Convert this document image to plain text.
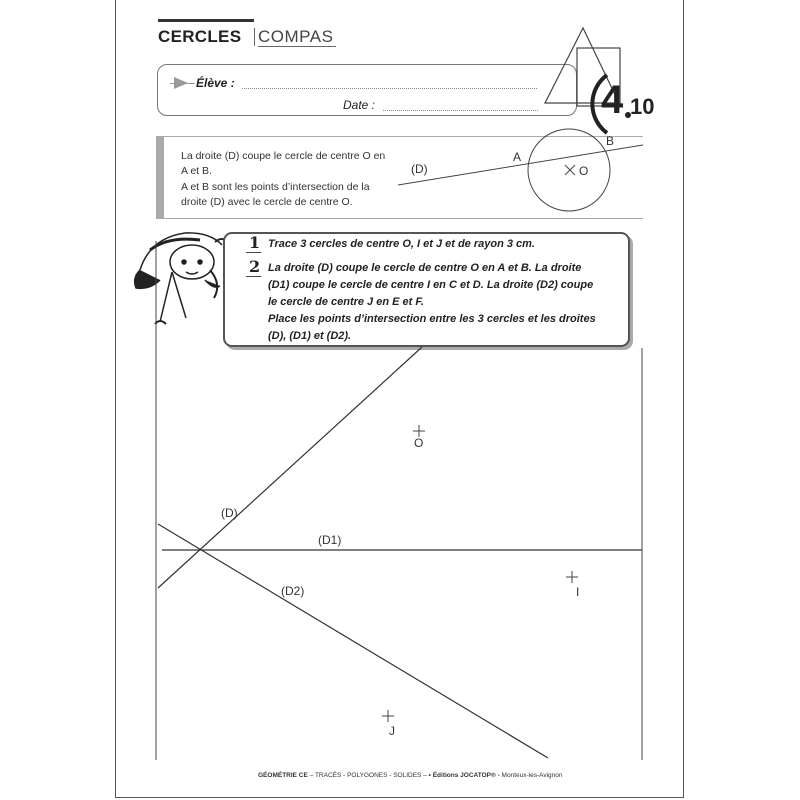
CERCLES COMPAS
Élève :
Date :	4 10

La droite (D) coupe le cercle de centre O en A et B.

A et B sont les points d’intersection de la droite (D) avec le cercle de centre O.

(D)
A
B
O
1 Trace 3 cercles de centre O, I et J et de rayon 3 cm.

2 La droite (D) coupe le cercle de centre O en A et B. La droite

(D1) coupe le cercle de centre I en C et D. La droite (D2) coupe

le cercle de centre J en E et F.

Place les points d’intersection entre les 3 cercles et les droites

(D), (D1) et (D2).

O
I
J
(D)
(D1)
(D2)
GÉOMÉTRIE CE – TRACÉS - POLYGONES - SOLIDES – • Éditions JOCATOP® - Monteux-les-Avignon
